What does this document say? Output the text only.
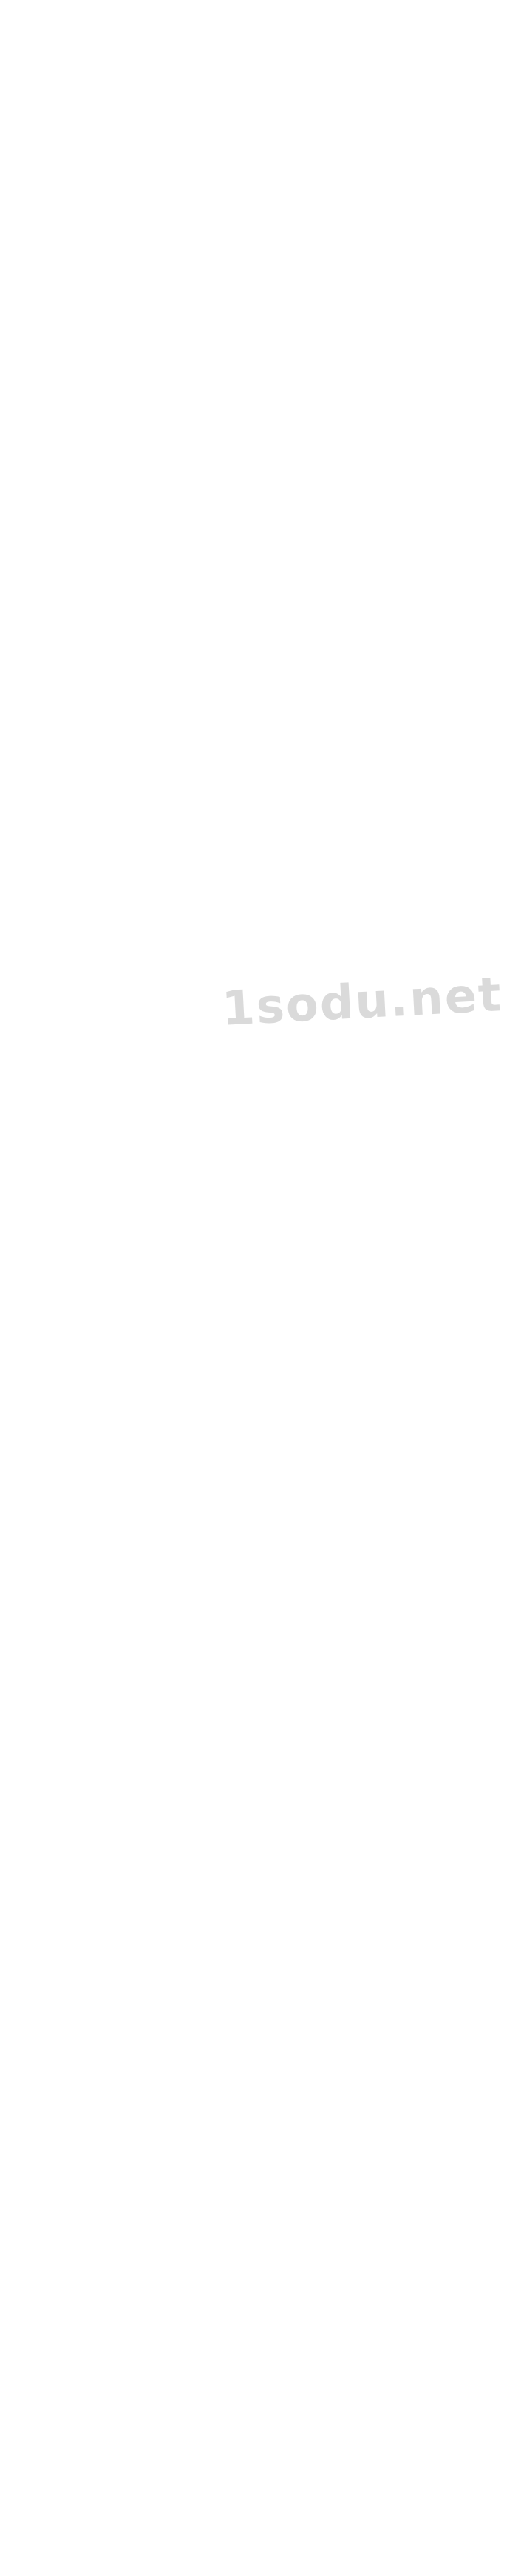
1sodu.net
